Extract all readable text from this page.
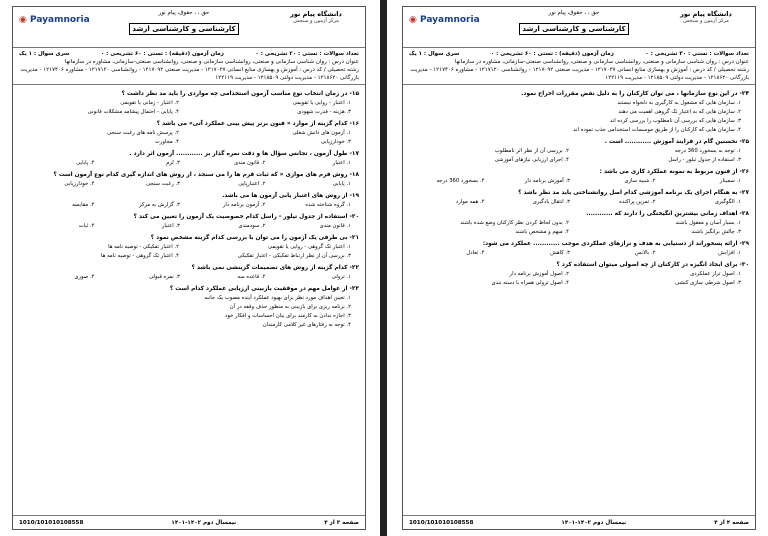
دانشگاه پیام نور
مرکز آزمون و سنجش
حق ، ، حقوق، پیام نور
کارشناسی و کارشناسی ارشد
◉ Payamnoria
تعداد سوالات : تستی : ۲۰ تشریحی : ۰
زمان آزمون (دقیقه) : تستی : ۶۰ تشریحی : ۰
سری سوال : ۱ یک
عنوان درس : روان شناسی سازمانی و صنعتی، روانشناسی سازمانی و صنعتی، روانشناسی صنعتی-سازمانی، مشاوره در سازمانها
رشته تحصیلی / کد درس : آموزش و بهسازی منابع انسانی ۱۲۱۷۰۲۷ - مدیریت صنعتی ۱۲۱۷۰۹۲ - روانشناسی ۱۲۱۷۱۲۰ - مشاوره ۱۲۱۷۴۰۶ - مدیریت
بازرگانی ۱۲۱۸۶۲۰ - مدیریت دولتی ۱۲۱۸۵۰۹ - مدیریت ۱۲۲۱۱۹
۱۵- در زمان انتخاب نوع مناسب آزمون استخدامی چه مواردی را باید مد نظر داشت ؟
۱. اعتبار - روایی یا تقویمی
۲. اعتبار - زمانی یا تقویمی
۳. هزینه - قدرت شهودی
۴. پایایی - احتمال پیشامد مشکلات قانونی
۱۶- کدام گزینه از موارد « فنون برتر پیش بینی عملکرد آتی» می باشد ؟
۱. آزمون های دانش شغلی
۲. پرسش نامه های رغبت سنجی
۳. خودارزیابی
۴. مجاورت
۱۷- طول آزمون ، تجانس سؤال ها و دقت نمره گذار بر ............ آزمون اثر دارد .
۱. اعتبار
۲. قانون مندی
۳. نُرم
۴. پایایی
۱۸- روش فرم های موازی « که ثبات فرم ها را می سنجد ، از روش های اندازه گیری کدام نوع آزمون است ؟
۱. پایایی
۲. اعتبارپایی
۳. رغبت سنجی
۴. خودارزیابی
۱۹- از روش های اعتبار یابی آزمون ها می باشد.
۱. گروه شناخته شده
۲. آزمون برنامه دار
۳. گزارش به مرکز
۴. مقایسه
۲۰- استفاده از جدول تیلور - راسل کدام خصوصیت یک آزمون را تعیین می کند ؟
۱. قانون مندی
۲. سودمندی
۳. اعتبار
۴. ثبات
۲۱- بی طرفی یک آزمون را می توان با بررسی کدام گزینه مشخص نمود ؟
۱. اعتبار تک گروهی - روایی یا تقویمی
۲. اعتبار تفکیکی - توصیه نامه ها
۳. بررسی آن از نظر ارتباط تفکیکی - اعتبار تفکیکی
۴. اعتبار تک گروهی - توصیه نامه ها
۲۲- کدام گزینه از روش های تصمیمات گزینشی نمی باشد ؟
۱. ترولی
۲. قاعده سه
۳. نمره قبولی
۴. صوری
۲۳- از عوامل مهم در موفقیت بازبینی ارزیابی عملکرد کدام است ؟
۱. تعیین اهداف مورد نظر برای بهبود عملکرد آینده مصوب یک جانبه
۲. برنامه ریزی برای بازبینی به منظور حذف وقفه در آن
۳. اجازه ندادن به کارمند برای بیان احساسات و افکار خود
۴. توجه به رفتارهای غیر کلامی کارمندان
صفحه ۳ از ۴
نیمسال دوم ۱۴۰۲-۱۴۰۱
1010/101010108558
دانشگاه پیام نور
مرکز آزمون و سنجش
حق ، ، حقوق، پیام نور
کارشناسی و کارشناسی ارشد
◉ Payamnoria
تعداد سوالات : تستی : ۳۰ تشریحی : ۰
زمان آزمون (دقیقه) : تستی : ۶۰ تشریحی : ۰
سری سوال : ۱ یک
عنوان درس : روان شناسی سازمانی و صنعتی، روانشناسی سازمانی و صنعتی، روانشناسی صنعتی-سازمانی، مشاوره در سازمانها
رشته تحصیلی / کد درس : آموزش و بهسازی منابع انسانی ۱۲۱۷۰۲۷ - مدیریت صنعتی ۱۲۱۷۰۹۲ - روانشناسی ۱۲۱۷۱۲۰ - مشاوره ۱۲۱۷۴۰۶ - مدیریت
بازرگانی ۱۲۱۸۶۲۰ - مدیریت دولتی ۱۲۱۸۵۰۹ - مدیریت ۱۲۲۱۱۹
۲۴- در این نوع سازمانها ، می توان کارکنان را به دلیل نقض مقررات اخراج نمود.
۱. سازمان هایی که مشغول به کارگیری به دلخواه نیستند
۲. سازمان هایی که به اعتبار تک گروهی اهمیت می دهند
۳. سازمان هایی که بررسی آن نامطلوب را بررسی کرده اند
۴. سازمان هایی که کارکنان را از طریق موسسات استخدامی جذب نموده اند
۲۵- نخستین گام در فرایند آموزش ............ است .
۱. توجه به بسخورد 360 درجه
۲. بررسی آن از نظر اثر نامطلوب
۳. استفاده از جدول تیلور - راسل
۴. اجرای ارزیابی نیازهای آموزشی
۲۶- از فنون مربوط به نمونه عملکرد کاری می باشد :
۱. سمینار
۲. شبیه سازی
۳. آموزش برنامه دار
۴. بسخورد 360 درجه
۲۷- به هنگام اجرای یک برنامه آموزشی کدام اصل روانشناختی باید مد نظر باشد ؟
۱. الگوگیری
۲. تمرین پراکنده
۳. انتقال یادگیری
۴. همه موارد
۲۸- اهداف زمانی بیشترین انگیختگی را دارند که ............
۱. بسیار آسان و معقول باشند
۲. بدون لحاظ کردن نظر کارکنان وضع شده باشند
۳. چالش برانگیز باشند
۴. مبهم و مشخص باشند
۲۹- ارائه پسخوراند از دستیابی به هدف و ترازهای عملکردی موجب ............ عملکرد می شود:
۱. افزایش
۲. بالانس
۳. کاهش
۴. تعادل
۳۰- برای ایجاد انگیزه در کارکنان از چه اصولی میتوان استفاده کرد ؟
۱. اصول تراز عملکردی
۲. اصول آموزش برنامه دار
۳. اصول شرطی سازی کنشی
۴. اصول ترولی همراه با دسته بندی
صفحه ۴ از ۴
نیمسال دوم ۱۴۰۲-۱۴۰۱
1010/101010108558
